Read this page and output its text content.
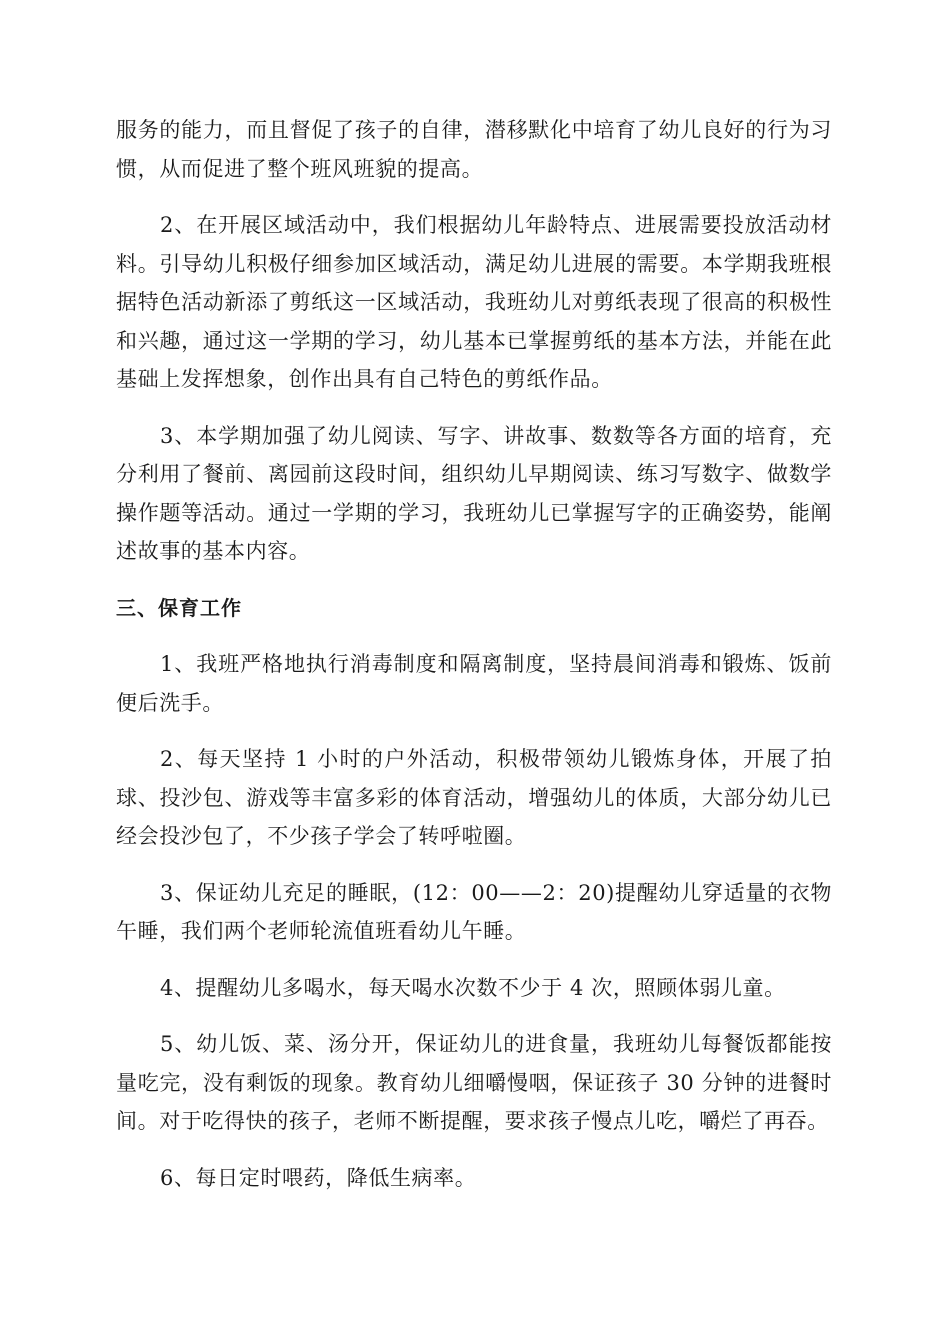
服务的能力，而且督促了孩子的自律，潜移默化中培育了幼儿良好的行为习惯，从而促进了整个班风班貌的提高。

2、在开展区域活动中，我们根据幼儿年龄特点、进展需要投放活动材料。引导幼儿积极仔细参加区域活动，满足幼儿进展的需要。本学期我班根据特色活动新添了剪纸这一区域活动，我班幼儿对剪纸表现了很高的积极性和兴趣，通过这一学期的学习，幼儿基本已掌握剪纸的基本方法，并能在此基础上发挥想象，创作出具有自己特色的剪纸作品。

3、本学期加强了幼儿阅读、写字、讲故事、数数等各方面的培育，充分利用了餐前、离园前这段时间，组织幼儿早期阅读、练习写数字、做数学操作题等活动。通过一学期的学习，我班幼儿已掌握写字的正确姿势，能阐述故事的基本内容。

三、保育工作

1、我班严格地执行消毒制度和隔离制度，坚持晨间消毒和锻炼、饭前便后洗手。

2、每天坚持 1 小时的户外活动，积极带领幼儿锻炼身体，开展了拍球、投沙包、游戏等丰富多彩的体育活动，增强幼儿的体质，大部分幼儿已经会投沙包了，不少孩子学会了转呼啦圈。

3、保证幼儿充足的睡眠，(12：00——2：20)提醒幼儿穿适量的衣物午睡，我们两个老师轮流值班看幼儿午睡。

4、提醒幼儿多喝水，每天喝水次数不少于 4 次，照顾体弱儿童。

5、幼儿饭、菜、汤分开，保证幼儿的进食量，我班幼儿每餐饭都能按量吃完，没有剩饭的现象。教育幼儿细嚼慢咽，保证孩子 30 分钟的进餐时间。对于吃得快的孩子，老师不断提醒，要求孩子慢点儿吃，嚼烂了再吞。

6、每日定时喂药，降低生病率。
